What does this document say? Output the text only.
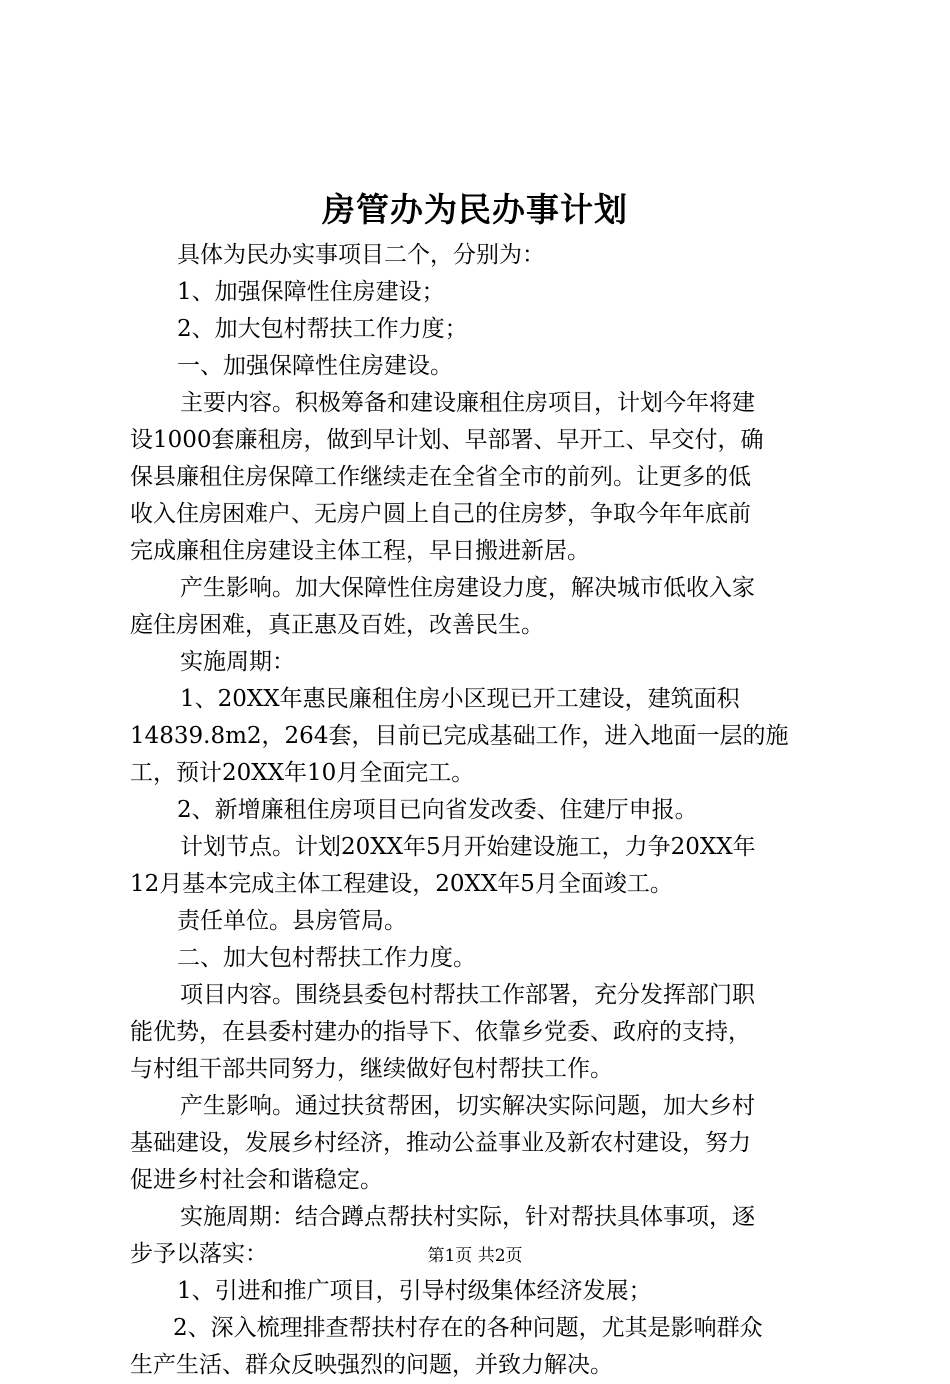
房管办为民办事计划
具体为民办实事项目二个，分别为：
1、加强保障性住房建设；
2、加大包村帮扶工作力度；
一、加强保障性住房建设。
主要内容。积极筹备和建设廉租住房项目，计划今年将建
设1000套廉租房，做到早计划、早部署、早开工、早交付，确
保县廉租住房保障工作继续走在全省全市的前列。让更多的低
收入住房困难户、无房户圆上自己的住房梦，争取今年年底前
完成廉租住房建设主体工程，早日搬进新居。
产生影响。加大保障性住房建设力度，解决城市低收入家
庭住房困难，真正惠及百姓，改善民生。
实施周期：
1、20XX年惠民廉租住房小区现已开工建设，建筑面积
14839.8m2，264套，目前已完成基础工作，进入地面一层的施
工，预计20XX年10月全面完工。
2、新增廉租住房项目已向省发改委、住建厅申报。
计划节点。计划20XX年5月开始建设施工，力争20XX年
12月基本完成主体工程建设，20XX年5月全面竣工。
责任单位。县房管局。
二、加大包村帮扶工作力度。
项目内容。围绕县委包村帮扶工作部署，充分发挥部门职
能优势，在县委村建办的指导下、依靠乡党委、政府的支持，
与村组干部共同努力，继续做好包村帮扶工作。
产生影响。通过扶贫帮困，切实解决实际问题，加大乡村
基础建设，发展乡村经济，推动公益事业及新农村建设，努力
促进乡村社会和谐稳定。
实施周期：结合蹲点帮扶村实际，针对帮扶具体事项，逐
步予以落实：
1、引进和推广项目，引导村级集体经济发展；
2、深入梳理排查帮扶村存在的各种问题，尤其是影响群众
生产生活、群众反映强烈的问题，并致力解决。
第1页 共2页
